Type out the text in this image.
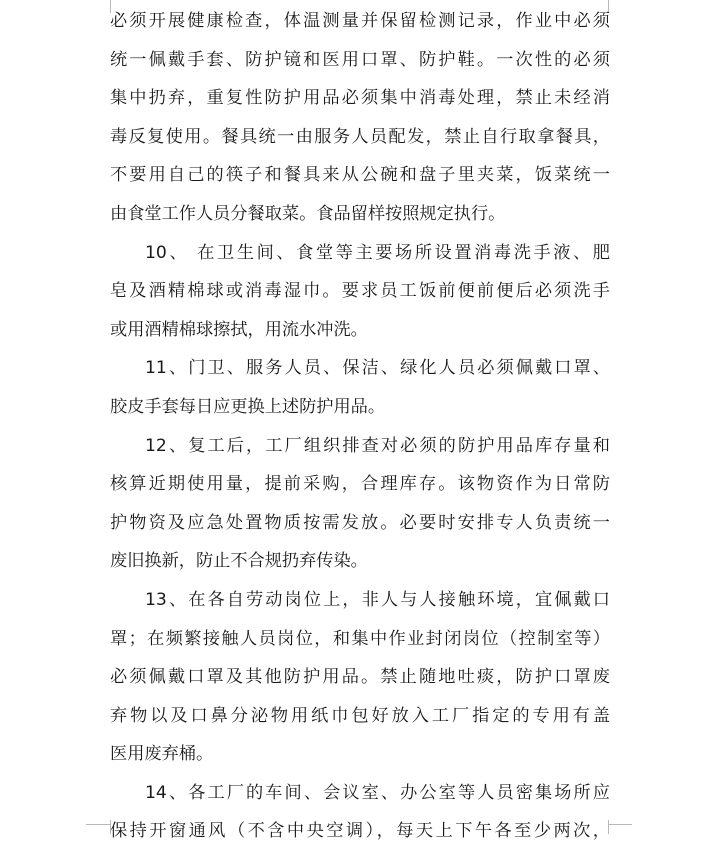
必须开展健康检查，体温测量并保留检测记录，作业中必须
统一佩戴手套、防护镜和医用口罩、防护鞋。一次性的必须
集中扔弃，重复性防护用品必须集中消毒处理，禁止未经消
毒反复使用。餐具统一由服务人员配发，禁止自行取拿餐具，
不要用自己的筷子和餐具来从公碗和盘子里夹菜，饭菜统一
由食堂工作人员分餐取菜。食品留样按照规定执行。
10、 在卫生间、食堂等主要场所设置消毒洗手液、肥
皂及酒精棉球或消毒湿巾。要求员工饭前便前便后必须洗手
或用酒精棉球擦拭，用流水冲洗。
11、门卫、服务人员、保洁、绿化人员必须佩戴口罩、
胶皮手套每日应更换上述防护用品。
12、复工后，工厂组织排查对必须的防护用品库存量和
核算近期使用量，提前采购，合理库存。该物资作为日常防
护物资及应急处置物质按需发放。必要时安排专人负责统一
废旧换新，防止不合规扔弃传染。
13、在各自劳动岗位上，非人与人接触环境，宜佩戴口
罩；在频繁接触人员岗位，和集中作业封闭岗位（控制室等）
必须佩戴口罩及其他防护用品。禁止随地吐痰，防护口罩废
弃物以及口鼻分泌物用纸巾包好放入工厂指定的专用有盖
医用废弃桶。
14、各工厂的车间、会议室、办公室等人员密集场所应
保持开窗通风（不含中央空调），每天上下午各至少两次，
